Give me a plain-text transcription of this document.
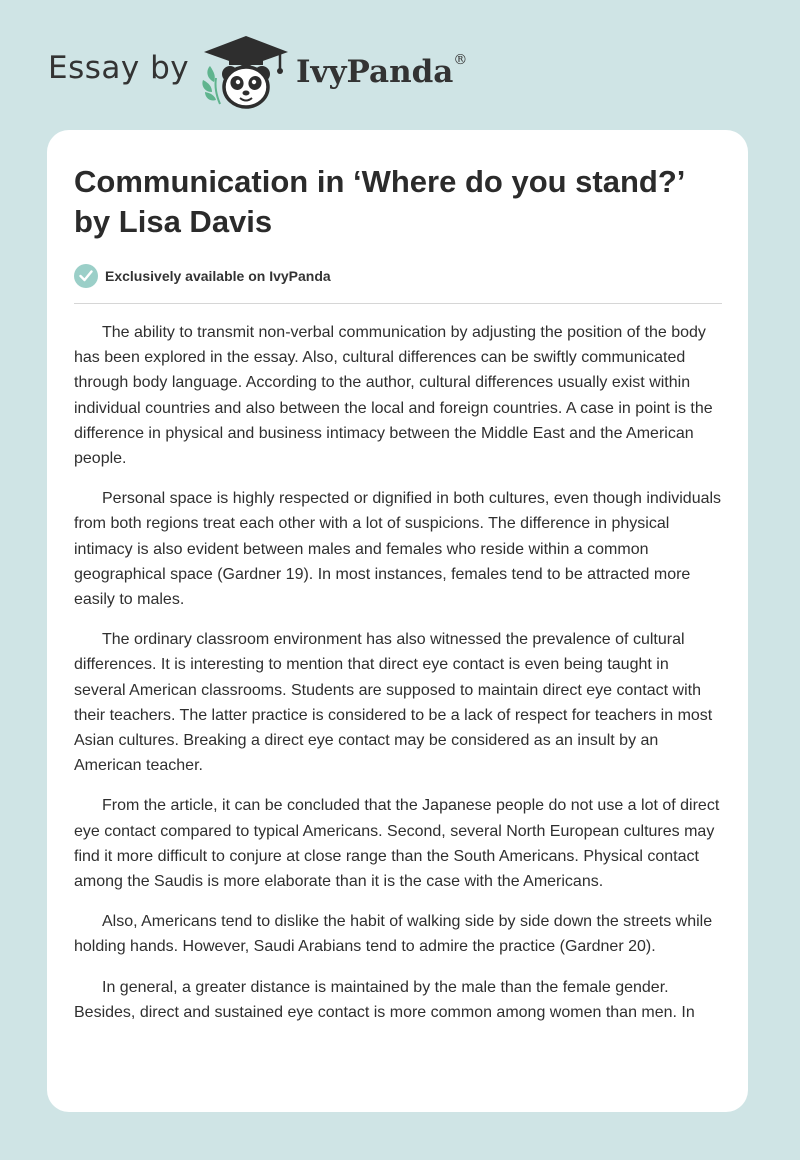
Essay by	IvyPanda®
Communication in ‘Where do you stand?’ by Lisa Davis
Exclusively available on IvyPanda

The ability to transmit non-verbal communication by adjusting the position of the body has been explored in the essay. Also, cultural differences can be swiftly communicated through body language. According to the author, cultural differences usually exist within individual countries and also between the local and foreign countries. A case in point is the difference in physical and business intimacy between the Middle East and the American people.

Personal space is highly respected or dignified in both cultures, even though individuals from both regions treat each other with a lot of suspicions. The difference in physical intimacy is also evident between males and females who reside within a common geographical space (Gardner 19). In most instances, females tend to be attracted more easily to males.

The ordinary classroom environment has also witnessed the prevalence of cultural differences. It is interesting to mention that direct eye contact is even being taught in several American classrooms. Students are supposed to maintain direct eye contact with their teachers. The latter practice is considered to be a lack of respect for teachers in most Asian cultures. Breaking a direct eye contact may be considered as an insult by an American teacher.

From the article, it can be concluded that the Japanese people do not use a lot of direct eye contact compared to typical Americans. Second, several North European cultures may find it more difficult to conjure at close range than the South Americans. Physical contact among the Saudis is more elaborate than it is the case with the Americans.

Also, Americans tend to dislike the habit of walking side by side down the streets while holding hands. However, Saudi Arabians tend to admire the practice (Gardner 20).

In general, a greater distance is maintained by the male than the female gender. Besides, direct and sustained eye contact is more common among women than men. In
